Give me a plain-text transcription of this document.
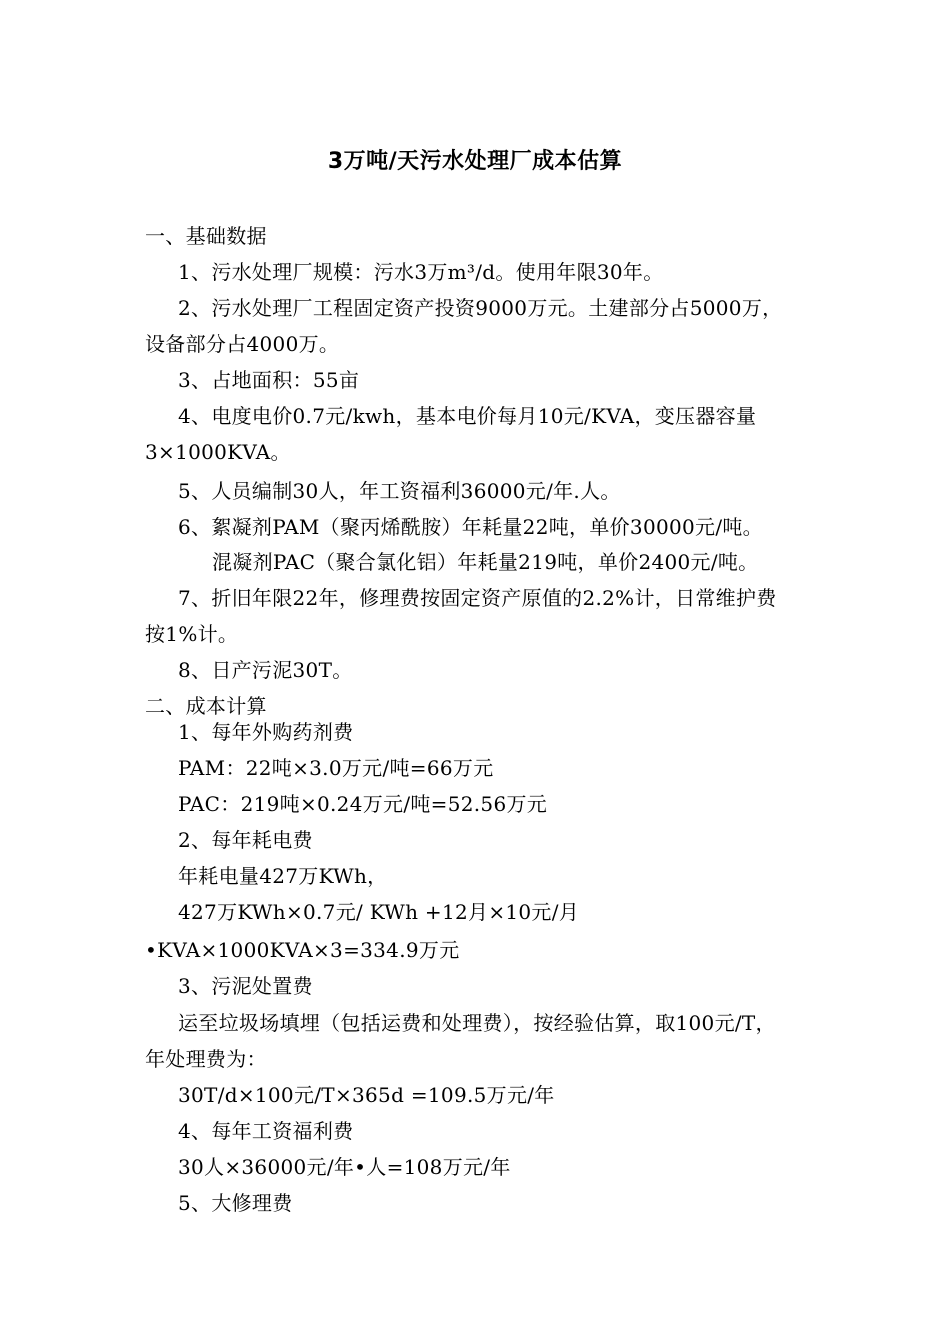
3万吨/天污水处理厂成本估算
一、基础数据
1、污水处理厂规模：污水3万m³/d。使用年限30年。
2、污水处理厂工程固定资产投资9000万元。土建部分占5000万，
设备部分占4000万。
3、占地面积：55亩
4、电度电价0.7元/kwh，基本电价每月10元/KVA，变压器容量
3×1000KVA。
5、人员编制30人，年工资福利36000元/年.人。
6、絮凝剂PAM（聚丙烯酰胺）年耗量22吨，单价30000元/吨。
混凝剂PAC（聚合氯化铝）年耗量219吨，单价2400元/吨。
7、折旧年限22年，修理费按固定资产原值的2.2%计，日常维护费
按1%计。
8、日产污泥30T。
二、成本计算
1、每年外购药剂费
PAM：22吨×3.0万元/吨=66万元
PAC：219吨×0.24万元/吨=52.56万元
2、每年耗电费
年耗电量427万KWh，
427万KWh×0.7元/ KWh +12月×10元/月
•KVA×1000KVA×3=334.9万元
3、污泥处置费
运至垃圾场填埋（包括运费和处理费），按经验估算，取100元/T，
年处理费为：
30T/d×100元/T×365d =109.5万元/年
4、每年工资福利费
30人×36000元/年•人=108万元/年
5、大修理费
